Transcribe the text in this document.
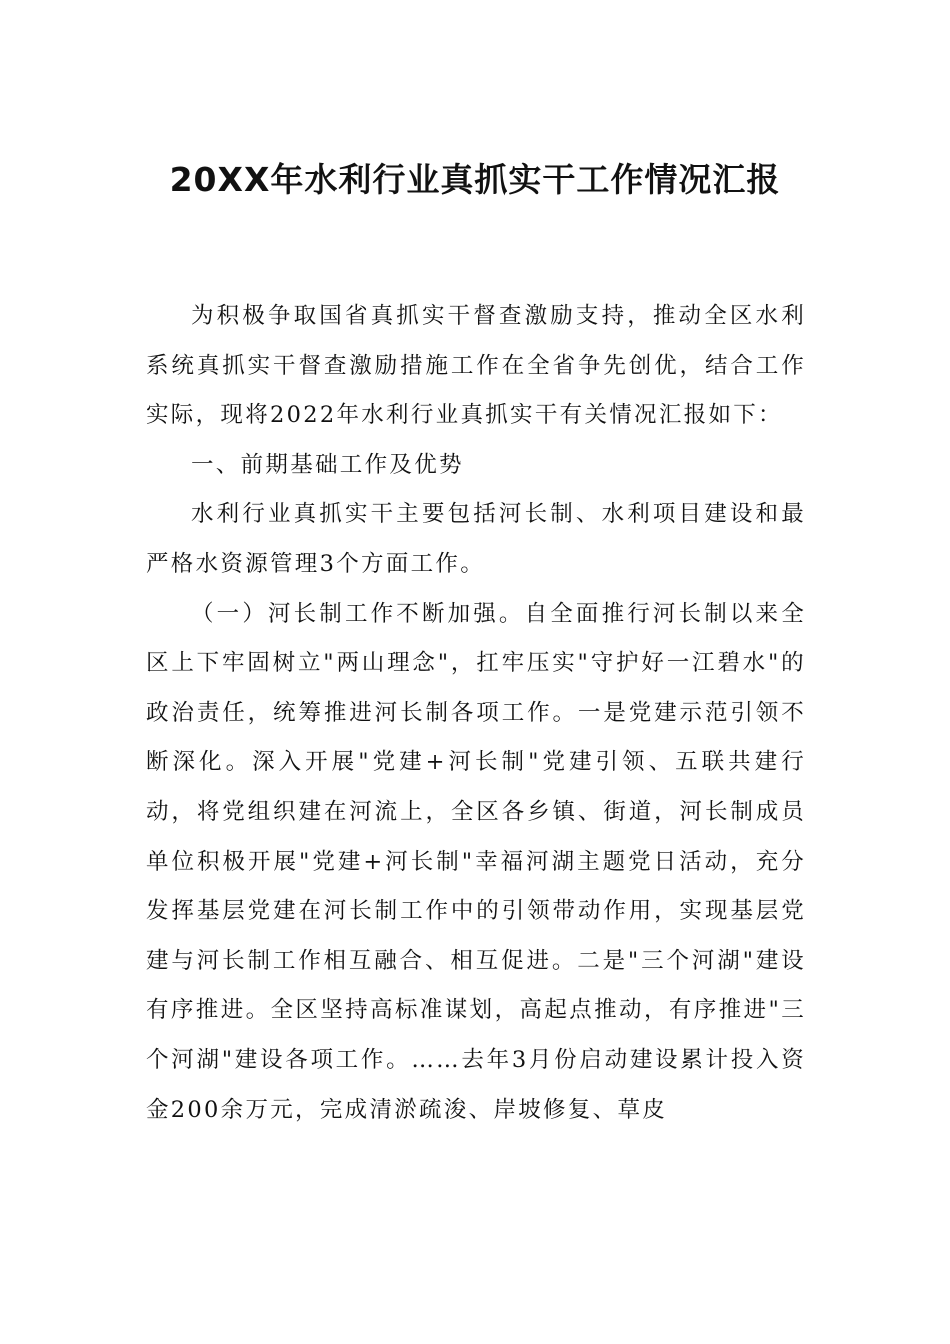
20XX年水利行业真抓实干工作情况汇报

为积极争取国省真抓实干督查激励支持，推动全区水利系统真抓实干督查激励措施工作在全省争先创优，结合工作实际，现将2022年水利行业真抓实干有关情况汇报如下：

一、前期基础工作及优势

水利行业真抓实干主要包括河长制、水利项目建设和最严格水资源管理3个方面工作。

（一）河长制工作不断加强。自全面推行河长制以来全区上下牢固树立"两山理念"，扛牢压实"守护好一江碧水"的政治责任，统筹推进河长制各项工作。一是党建示范引领不断深化。深入开展"党建+河长制"党建引领、五联共建行动，将党组织建在河流上，全区各乡镇、街道，河长制成员单位积极开展"党建+河长制"幸福河湖主题党日活动，充分发挥基层党建在河长制工作中的引领带动作用，实现基层党建与河长制工作相互融合、相互促进。二是"三个河湖"建设有序推进。全区坚持高标准谋划，高起点推动，有序推进"三个河湖"建设各项工作。……去年3月份启动建设累计投入资金200余万元，完成清淤疏浚、岸坡修复、草皮
